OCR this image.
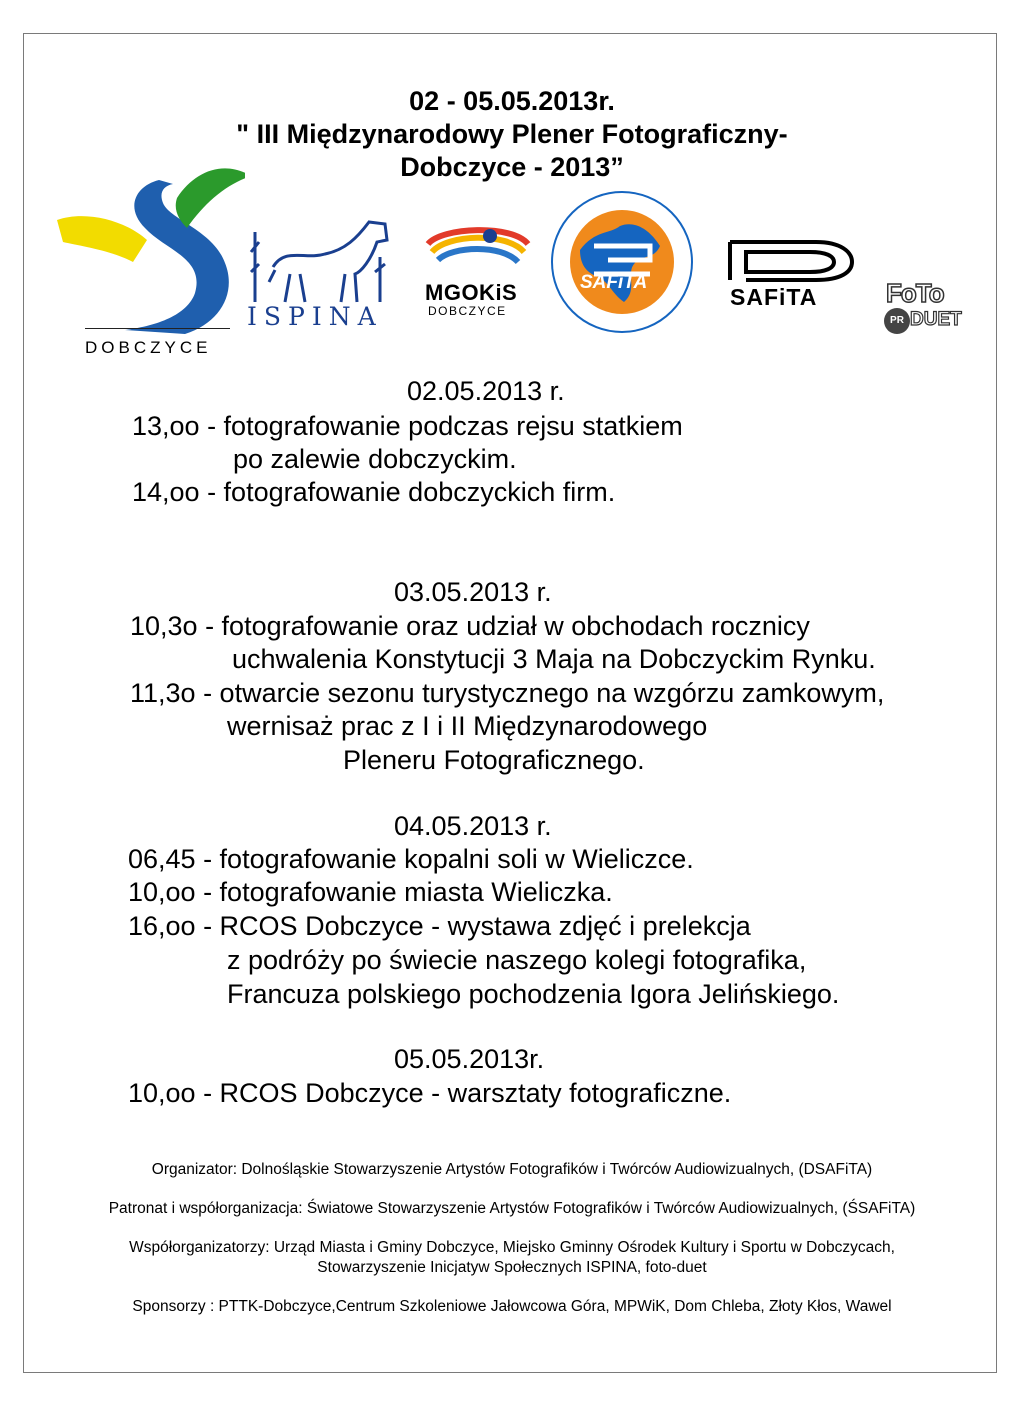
02 - 05.05.2013r.
" III Międzynarodowy Plener Fotograficzny-
Dobczyce - 2013”
DOBCZYCE
ISPINA
MGOKiS
DOBCZYCE
SAFiTA
SAFiTA	FoTo
PR DUET
02.05.2013 r.
13,oo - fotografowanie podczas rejsu statkiem
po zalewie dobczyckim.
14,oo - fotografowanie dobczyckich firm.
03.05.2013 r.
10,3o - fotografowanie oraz udział w obchodach rocznicy
uchwalenia Konstytucji 3 Maja na Dobczyckim Rynku.
11,3o - otwarcie sezonu turystycznego na wzgórzu zamkowym,
wernisaż prac z I i II Międzynarodowego
Pleneru Fotograficznego.
04.05.2013 r.
06,45 - fotografowanie kopalni soli w Wieliczce.
10,oo - fotografowanie miasta Wieliczka.
16,oo - RCOS Dobczyce - wystawa zdjęć i prelekcja
z podróży po świecie naszego kolegi fotografika,
Francuza polskiego pochodzenia Igora Jelińskiego.
05.05.2013r.
10,oo - RCOS Dobczyce - warsztaty fotograficzne.
Organizator: Dolnośląskie Stowarzyszenie Artystów Fotografików i Twórców Audiowizualnych, (DSAFiTA)
Patronat i współorganizacja: Światowe Stowarzyszenie Artystów Fotografików i Twórców Audiowizualnych, (ŚSAFiTA)
Współorganizatorzy: Urząd Miasta i Gminy Dobczyce, Miejsko Gminny Ośrodek Kultury i Sportu w Dobczycach,
Stowarzyszenie Inicjatyw Społecznych ISPINA, foto-duet
Sponsorzy : PTTK-Dobczyce,Centrum Szkoleniowe Jałowcowa Góra, MPWiK, Dom Chleba, Złoty Kłos, Wawel
